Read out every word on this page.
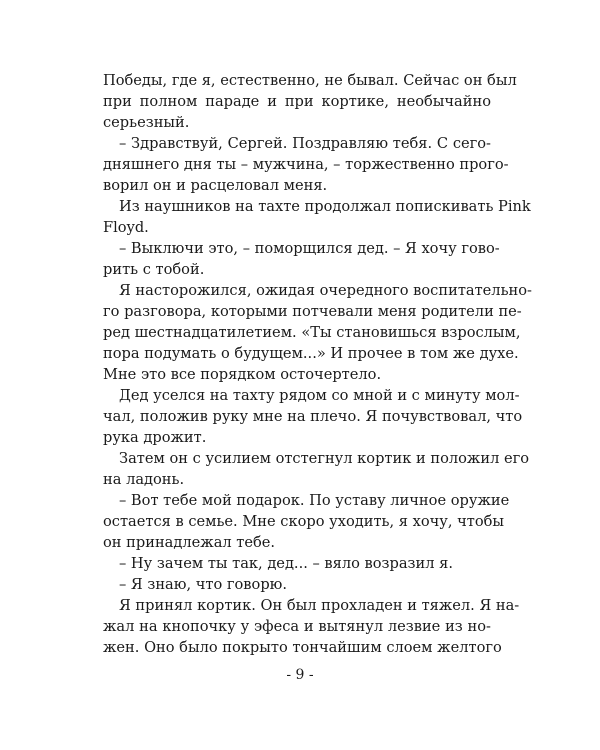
Победы, где я, естественно, не бывал. Сейчас он был
при полном параде и при кортике, необычайно
серьезный.
– Здравствуй, Сергей. Поздравляю тебя. С сего-
дняшнего дня ты – мужчина, – торжественно прого-
ворил он и расцеловал меня.
Из наушников на тахте продолжал попискивать Pink
Floyd.
– Выключи это, – поморщился дед. – Я хочу гово-
рить с тобой.
Я насторожился, ожидая очередного воспитательно-
го разговора, которыми потчевали меня родители пе-
ред шестнадцатилетием. «Ты становишься взрослым,
пора подумать о будущем...» И прочее в том же духе.
Мне это все порядком осточертело.
Дед уселся на тахту рядом со мной и с минуту мол-
чал, положив руку мне на плечо. Я почувствовал, что
рука дрожит.
Затем он с усилием отстегнул кортик и положил его
на ладонь.
– Вот тебе мой подарок. По уставу личное оружие
остается в семье. Мне скоро уходить, я хочу, чтобы
он принадлежал тебе.
– Ну зачем ты так, дед... – вяло возразил я.
– Я знаю, что говорю.
Я принял кортик. Он был прохладен и тяжел. Я на-
жал на кнопочку у эфеса и вытянул лезвие из но-
жен. Оно было покрыто тончайшим слоем желтого
- 9 -
